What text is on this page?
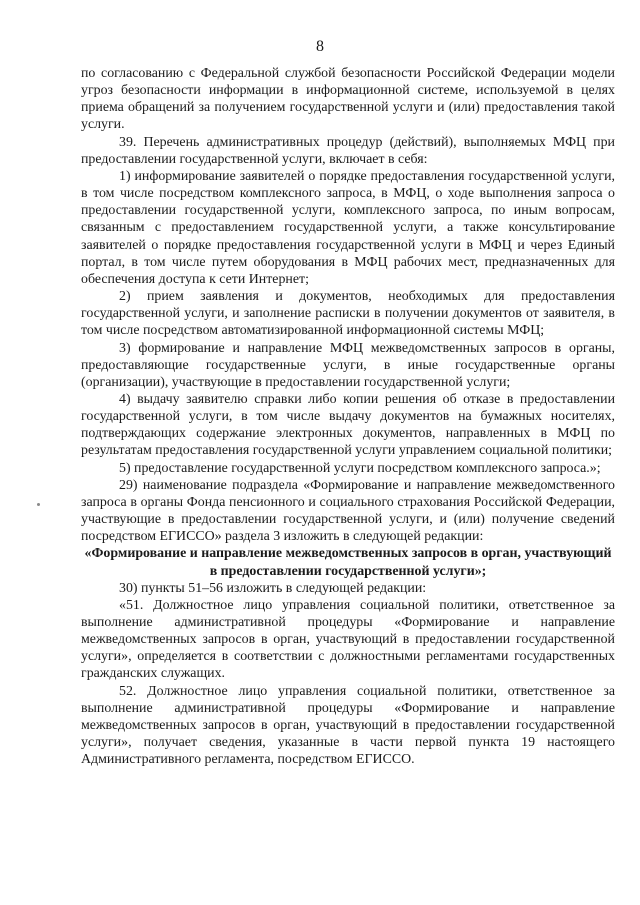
8

по согласованию с Федеральной службой безопасности Российской Федерации модели угроз безопасности информации в информационной системе, используемой в целях приема обращений за получением государственной услуги и (или) предоставления такой услуги.

39. Перечень административных процедур (действий), выполняемых МФЦ при предоставлении государственной услуги, включает в себя:

1) информирование заявителей о порядке предоставления государственной услуги, в том числе посредством комплексного запроса, в МФЦ, о ходе выполнения запроса о предоставлении государственной услуги, комплексного запроса, по иным вопросам, связанным с предоставлением государственной услуги, а также консультирование заявителей о порядке предоставления государственной услуги в МФЦ и через Единый портал, в том числе путем оборудования в МФЦ рабочих мест, предназначенных для обеспечения доступа к сети Интернет;

2) прием заявления и документов, необходимых для предоставления государственной услуги, и заполнение расписки в получении документов от заявителя, в том числе посредством автоматизированной информационной системы МФЦ;

3) формирование и направление МФЦ межведомственных запросов в органы, предоставляющие государственные услуги, в иные государственные органы (организации), участвующие в предоставлении государственной услуги;

4) выдачу заявителю справки либо копии решения об отказе в предоставлении государственной услуги, в том числе выдачу документов на бумажных носителях, подтверждающих содержание электронных документов, направленных в МФЦ по результатам предоставления государственной услуги управлением социальной политики;

5) предоставление государственной услуги посредством комплексного запроса.»;

29) наименование подраздела «Формирование и направление межведомственного запроса в органы Фонда пенсионного и социального страхования Российской Федерации, участвующие в предоставлении государственной услуги, и (или) получение сведений посредством ЕГИССО» раздела 3 изложить в следующей редакции:

«Формирование и направление межведомственных запросов в орган, участвующий в предоставлении государственной услуги»;

30) пункты 51–56 изложить в следующей редакции:

«51. Должностное лицо управления социальной политики, ответственное за выполнение административной процедуры «Формирование и направление межведомственных запросов в орган, участвующий в предоставлении государственной услуги», определяется в соответствии с должностными регламентами государственных гражданских служащих.

52. Должностное лицо управления социальной политики, ответственное за выполнение административной процедуры «Формирование и направление межведомственных запросов в орган, участвующий в предоставлении государственной услуги», получает сведения, указанные в части первой пункта 19 настоящего Административного регламента, посредством ЕГИССО.
